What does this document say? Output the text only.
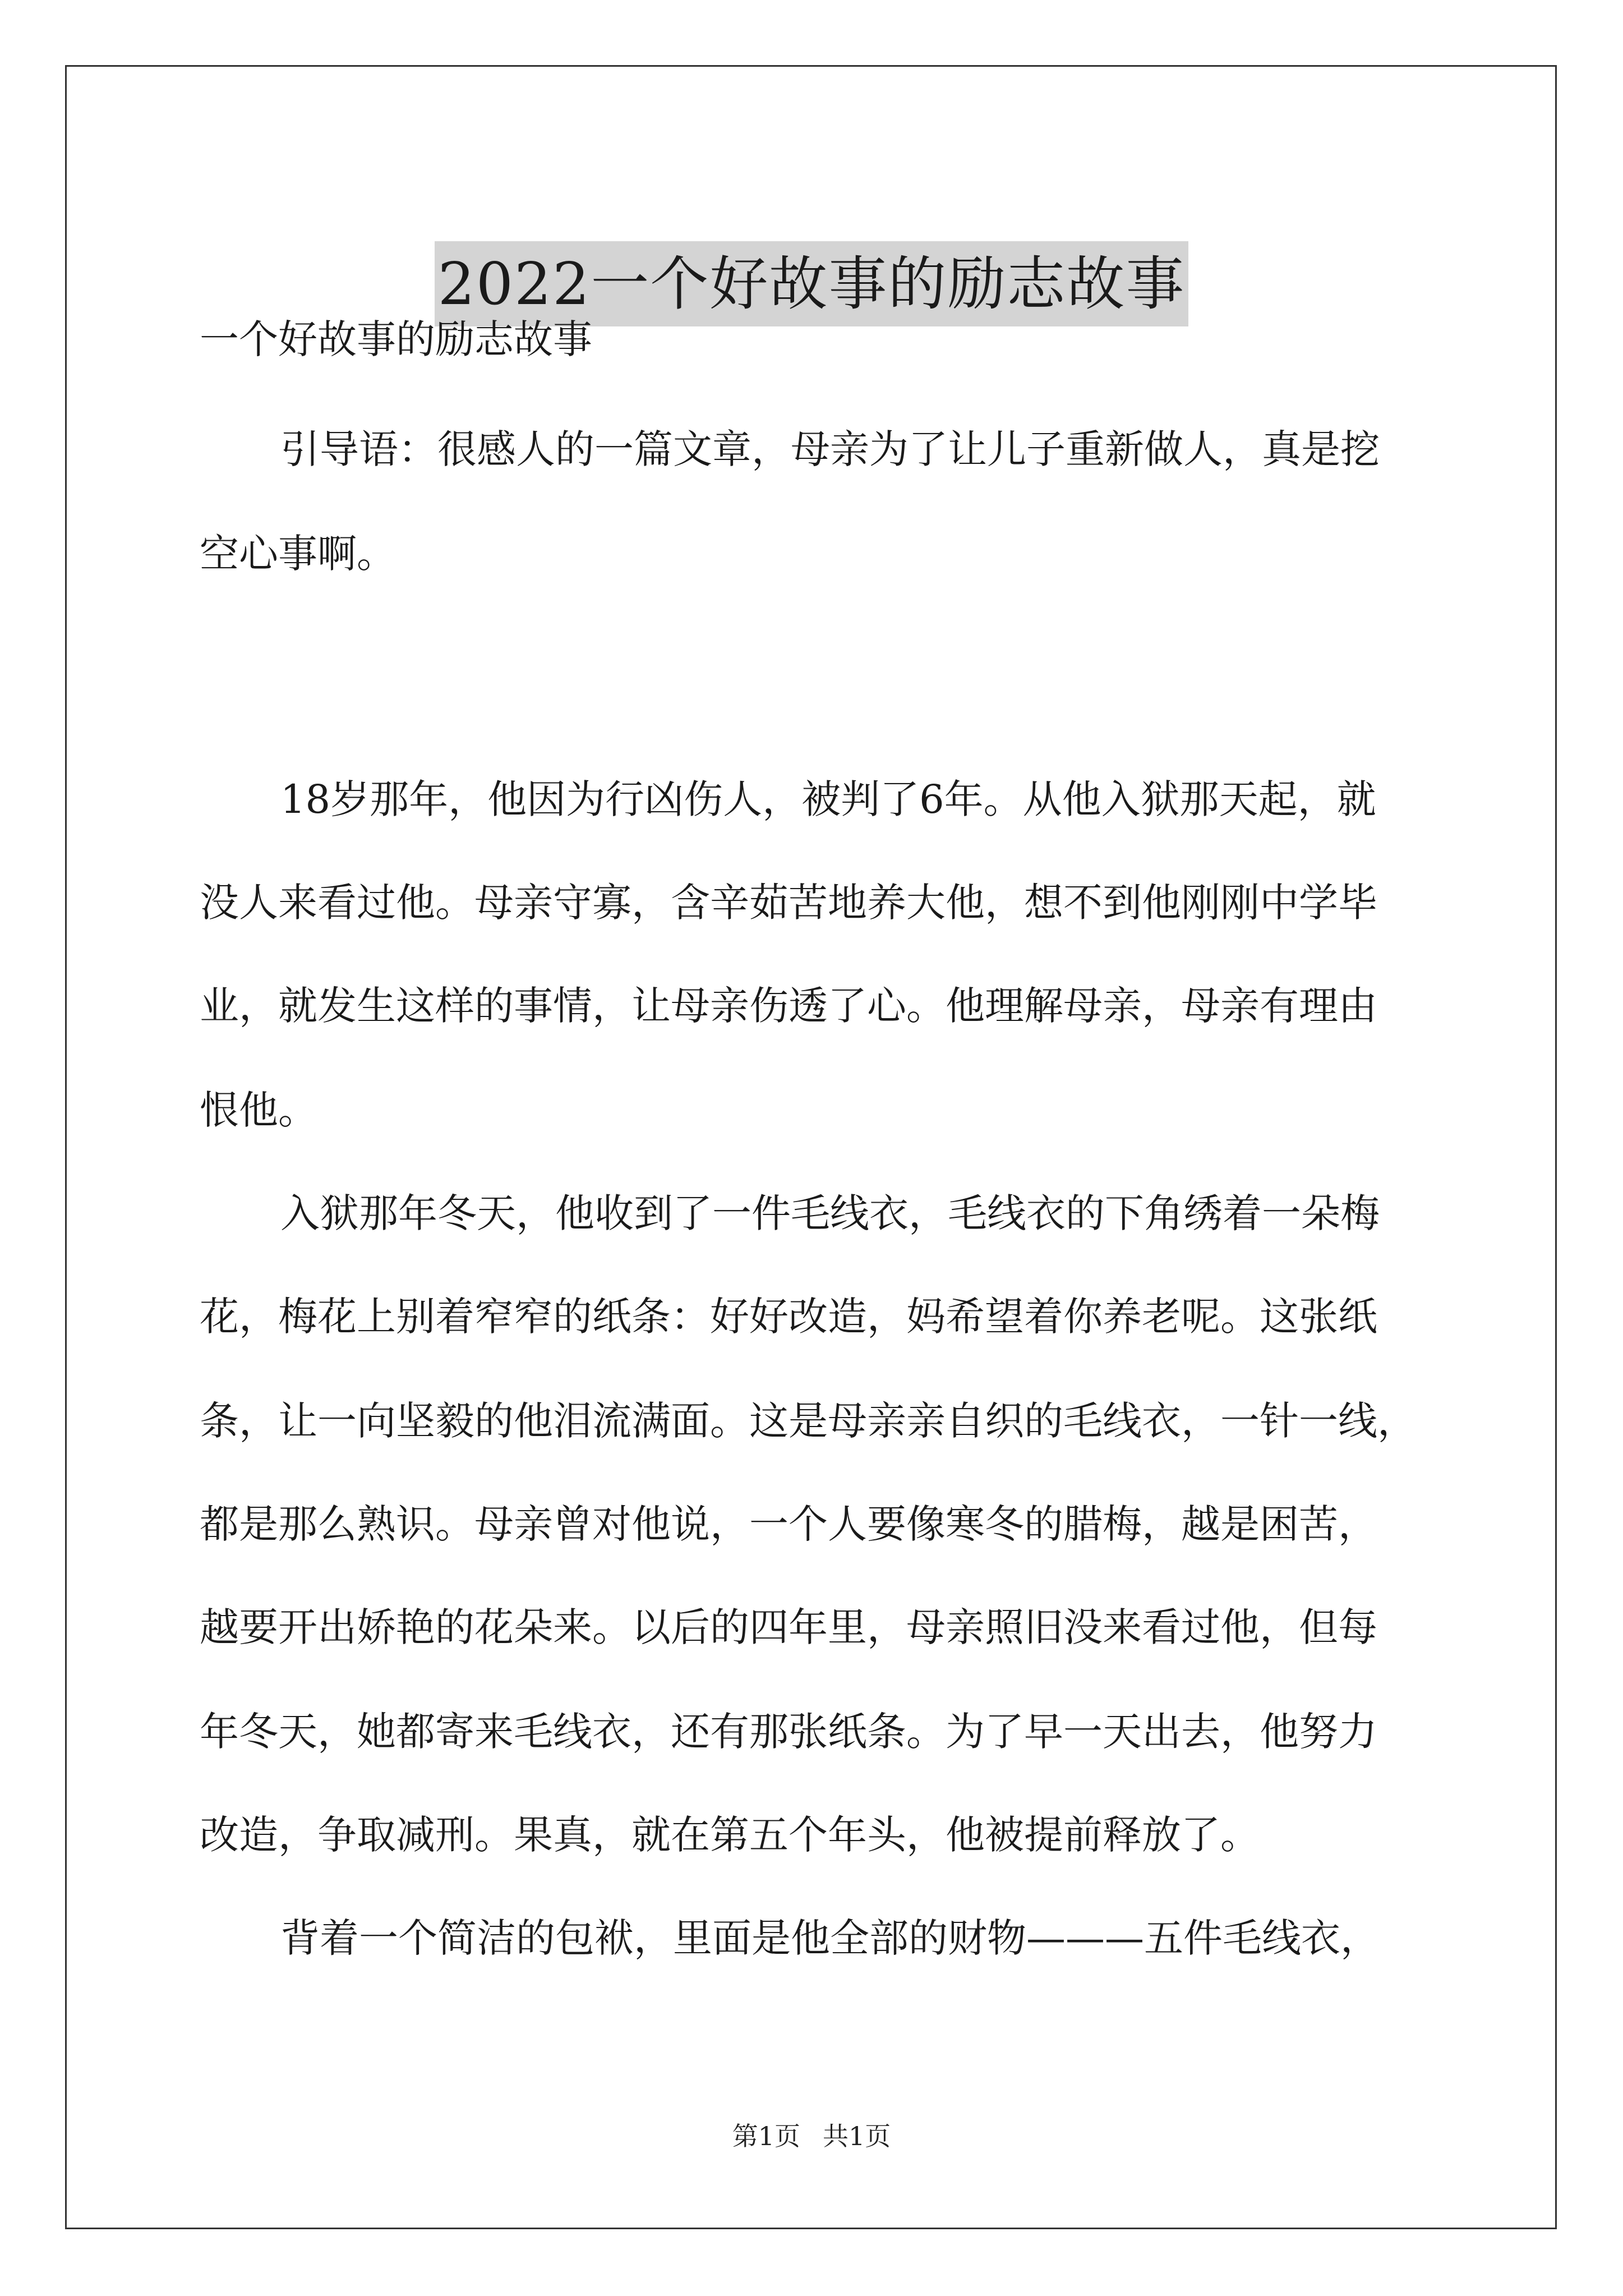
2022一个好故事的励志故事

一个好故事的励志故事

引导语：很感人的一篇文章，母亲为了让儿子重新做人，真是挖
空心事啊。
18岁那年，他因为行凶伤人，被判了6年。从他入狱那天起，就
没人来看过他。母亲守寡，含辛茹苦地养大他，想不到他刚刚中学毕
业，就发生这样的事情，让母亲伤透了心。他理解母亲，母亲有理由
恨他。
入狱那年冬天，他收到了一件毛线衣，毛线衣的下角绣着一朵梅
花，梅花上别着窄窄的纸条：好好改造，妈希望着你养老呢。这张纸
条，让一向坚毅的他泪流满面。这是母亲亲自织的毛线衣，一针一线，
都是那么熟识。母亲曾对他说，一个人要像寒冬的腊梅，越是困苦，
越要开出娇艳的花朵来。以后的四年里，母亲照旧没来看过他，但每
年冬天，她都寄来毛线衣，还有那张纸条。为了早一天出去，他努力
改造，争取减刑。果真，就在第五个年头，他被提前释放了。
背着一个简洁的包袱，里面是他全部的财物———五件毛线衣，
第1页 共1页
